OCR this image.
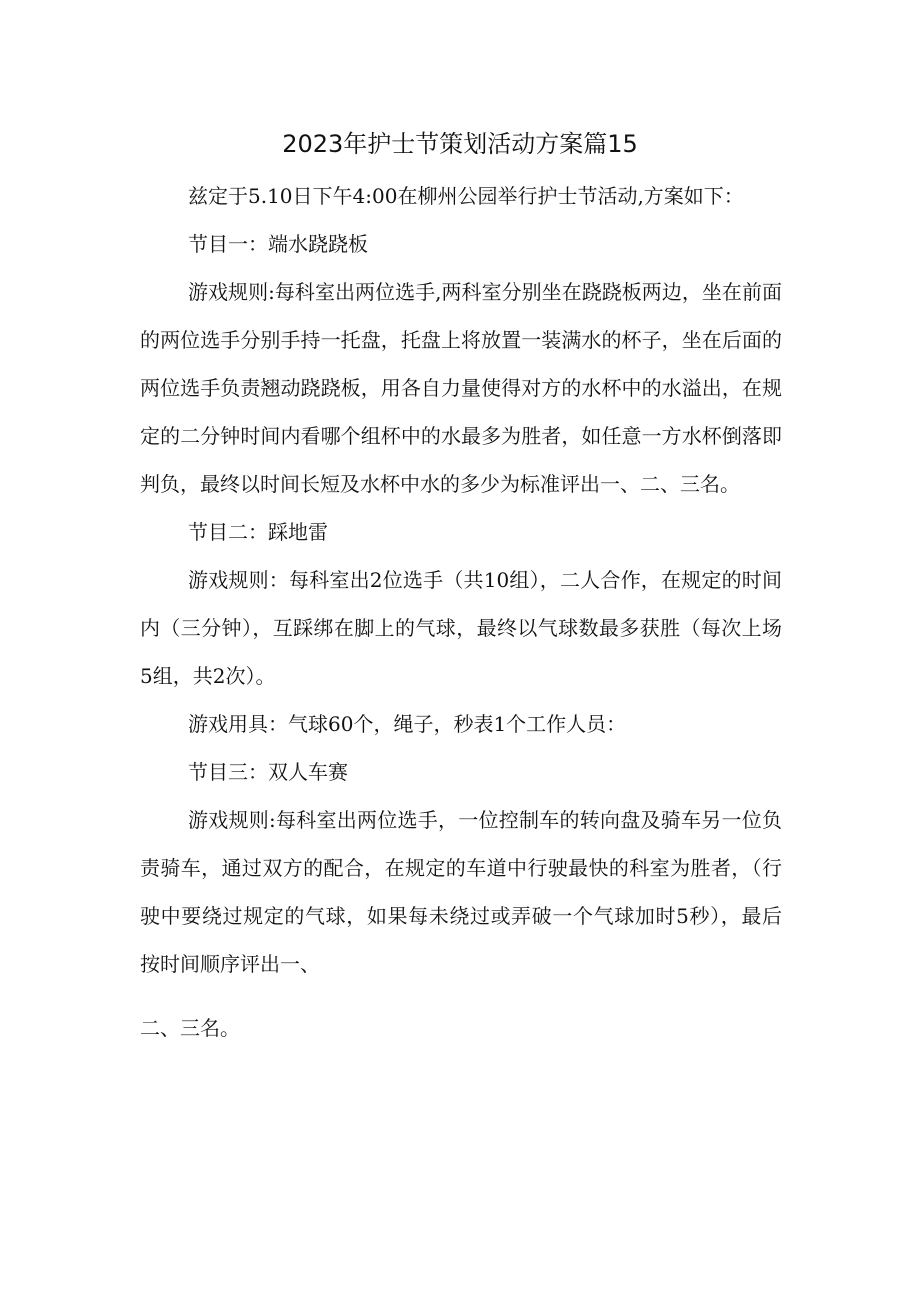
2023年护士节策划活动方案篇15

兹定于5.10日下午4:00在柳州公园举行护士节活动,方案如下：

节目一：端水跷跷板

游戏规则:每科室出两位选手,两科室分别坐在跷跷板两边，坐在前面的两位选手分别手持一托盘，托盘上将放置一装满水的杯子，坐在后面的两位选手负责翘动跷跷板，用各自力量使得对方的水杯中的水溢出，在规定的二分钟时间内看哪个组杯中的水最多为胜者，如任意一方水杯倒落即判负，最终以时间长短及水杯中水的多少为标准评出一、二、三名。

节目二：踩地雷

游戏规则：每科室出2位选手（共10组），二人合作，在规定的时间内（三分钟），互踩绑在脚上的气球，最终以气球数最多获胜（每次上场5组，共2次）。

游戏用具：气球60个，绳子，秒表1个工作人员：

节目三：双人车赛

游戏规则:每科室出两位选手，一位控制车的转向盘及骑车另一位负责骑车，通过双方的配合，在规定的车道中行驶最快的科室为胜者，（行驶中要绕过规定的气球，如果每未绕过或弄破一个气球加时5秒），最后按时间顺序评出一、

二、三名。
